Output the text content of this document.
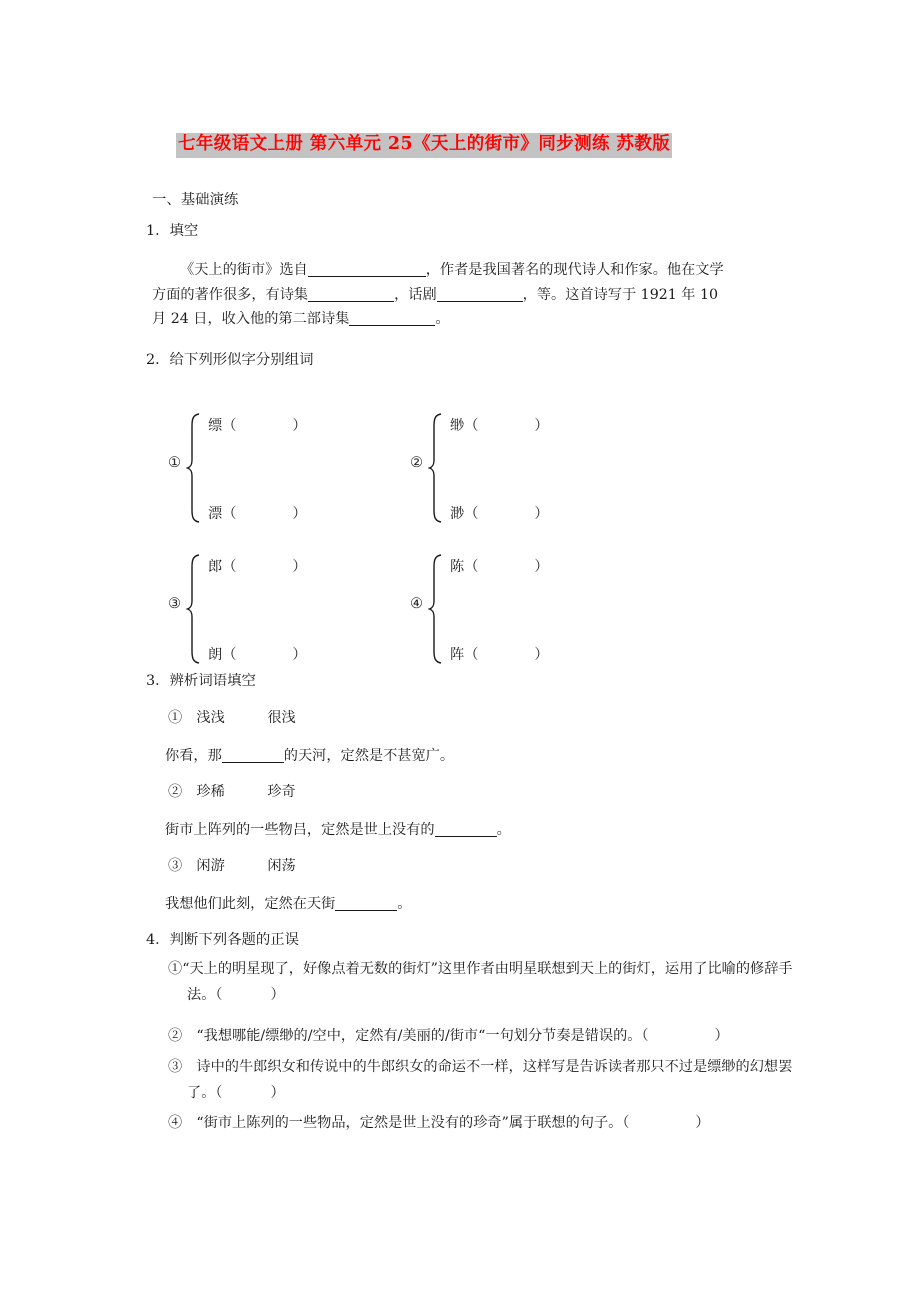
七年级语文上册 第六单元 25《天上的街市》同步测练 苏教版
一、基础演练
1．填空
《天上的街市》选自	，作者是我国著名的现代诗人和作家。他在文学
方面的著作很多，有诗集	，话剧	，等。这首诗写于 1921 年 10
月 24 日，收入他的第二部诗集	。
2．给下列形似字分别组词
①
缥（	）
漂（	）
②
缈（	）
渺（	）
③
郎（	）
朗（	）
④
陈（	）
阵（	）
3．辨析词语填空
①　浅浅　　　很浅
你看，那	的天河，定然是不甚宽广。
②　珍稀　　　珍奇
街市上阵列的一些物吕，定然是世上没有的	。
③　闲游　　　闲荡
我想他们此刻，定然在天街	。
4．判断下列各题的正误
①“天上的明星现了，好像点着无数的街灯”这里作者由明星联想到天上的街灯，运用了比喻的修辞手法。（	）
②　“我想哪能/缥缈的/空中，定然有/美丽的/街市“一句划分节奏是错误的。（	）
③　诗中的牛郎织女和传说中的牛郎织女的命运不一样，这样写是告诉读者那只不过是缥缈的幻想罢了。（	）
④　“街市上陈列的一些物品，定然是世上没有的珍奇”属于联想的句子。（	）
